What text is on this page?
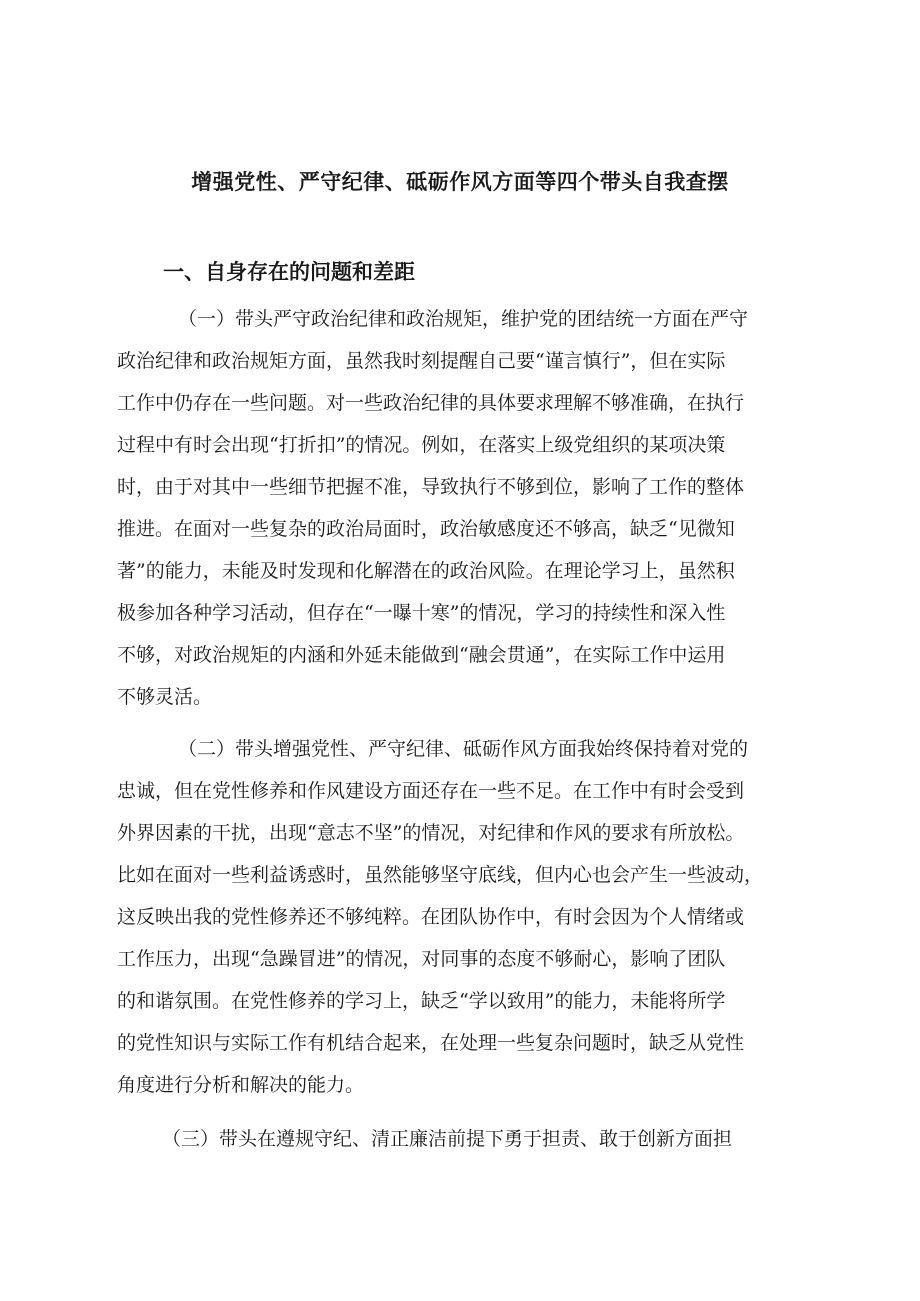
增强党性、严守纪律、砥砺作风方面等四个带头自我查摆
一、自身存在的问题和差距

（一）带头严守政治纪律和政治规矩，维护党的团结统一方面在严守

政治纪律和政治规矩方面，虽然我时刻提醒自己要“谨言慎行”，但在实际

工作中仍存在一些问题。对一些政治纪律的具体要求理解不够准确，在执行

过程中有时会出现“打折扣”的情况。例如，在落实上级党组织的某项决策

时，由于对其中一些细节把握不准，导致执行不够到位，影响了工作的整体

推进。在面对一些复杂的政治局面时，政治敏感度还不够高，缺乏“见微知

著”的能力，未能及时发现和化解潜在的政治风险。在理论学习上，虽然积

极参加各种学习活动，但存在“一曝十寒”的情况，学习的持续性和深入性

不够，对政治规矩的内涵和外延未能做到“融会贯通”，在实际工作中运用

不够灵活。

（二）带头增强党性、严守纪律、砥砺作风方面我始终保持着对党的

忠诚，但在党性修养和作风建设方面还存在一些不足。在工作中有时会受到

外界因素的干扰，出现“意志不坚”的情况，对纪律和作风的要求有所放松。

比如在面对一些利益诱惑时，虽然能够坚守底线，但内心也会产生一些波动，

这反映出我的党性修养还不够纯粹。在团队协作中，有时会因为个人情绪或

工作压力，出现“急躁冒进”的情况，对同事的态度不够耐心，影响了团队

的和谐氛围。在党性修养的学习上，缺乏“学以致用”的能力，未能将所学

的党性知识与实际工作有机结合起来，在处理一些复杂问题时，缺乏从党性

角度进行分析和解决的能力。

（三）带头在遵规守纪、清正廉洁前提下勇于担责、敢于创新方面担
